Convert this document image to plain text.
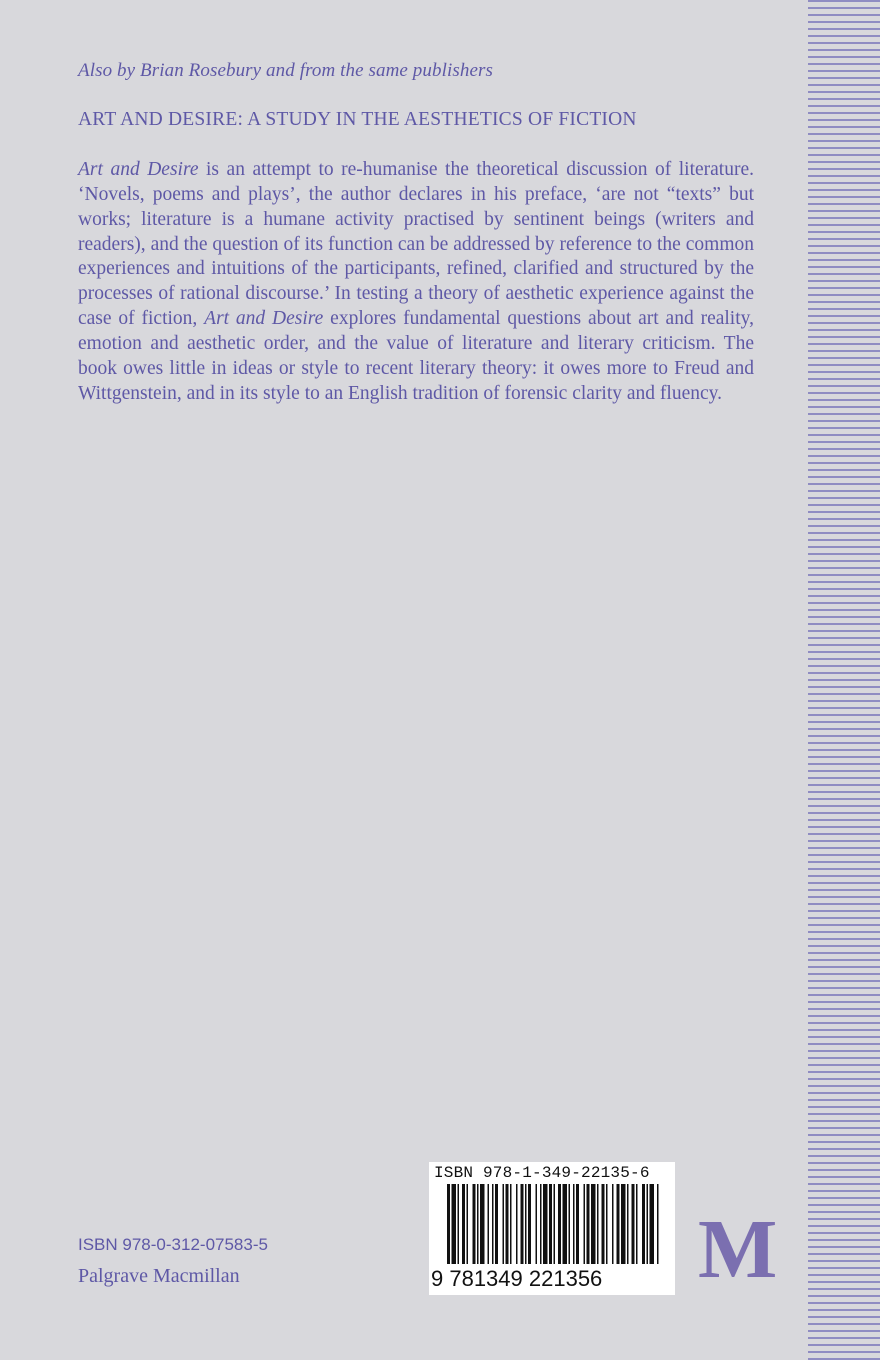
Also by Brian Rosebury and from the same publishers
ART AND DESIRE: A STUDY IN THE AESTHETICS OF FICTION

Art and Desire is an attempt to re-humanise the theoretical discussion of literature. ‘Novels, poems and plays’, the author declares in his preface, ‘are not “texts” but works; literature is a humane activity practised by sentinent beings (writers and readers), and the question of its function can be addressed by reference to the common experiences and intuitions of the participants, refined, clarified and structured by the processes of rational discourse.’ In testing a theory of aesthetic experience against the case of fiction, Art and Desire explores fundamental questions about art and reality, emotion and aesthetic order, and the value of literature and literary criticism. The book owes little in ideas or style to recent literary theory: it owes more to Freud and Wittgenstein, and in its style to an English tradition of forensic clarity and fluency.

ISBN 978-0-312-07583-5
Palgrave Macmillan
ISBN 978-1-349-22135-6
9 781349 221356 M
